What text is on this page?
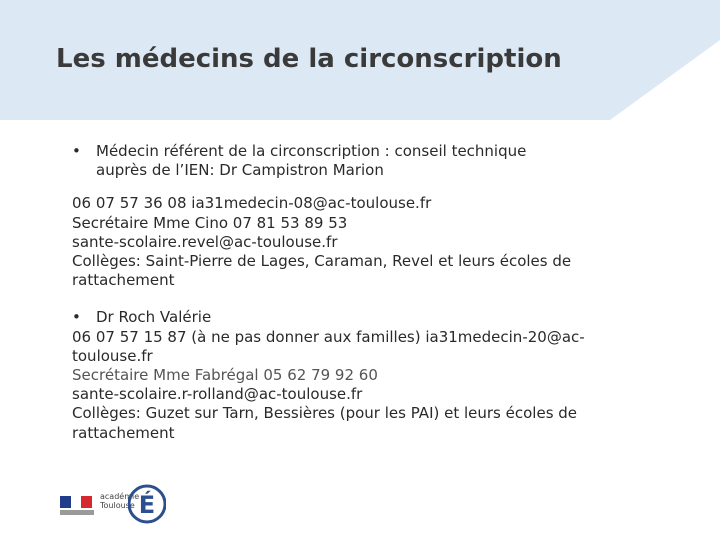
Les médecins de la circonscription
• Médecin référent de la circonscription : conseil technique
auprès de l’IEN: Dr Campistron Marion
06 07 57 36 08 ia31medecin-08@ac-toulouse.fr
Secrétaire Mme Cino 07 81 53 89 53
sante-scolaire.revel@ac-toulouse.fr
Collèges: Saint-Pierre de Lages, Caraman, Revel et leurs écoles de
rattachement
• Dr Roch Valérie
06 07 57 15 87 (à ne pas donner aux familles) ia31medecin-20@ac-
toulouse.fr
Secrétaire Mme Fabrégal 05 62 79 92 60
sante-scolaire.r-rolland@ac-toulouse.fr
Collèges: Guzet sur Tarn, Bessières (pour les PAI) et leurs écoles de
rattachement
académie
Toulouse É
